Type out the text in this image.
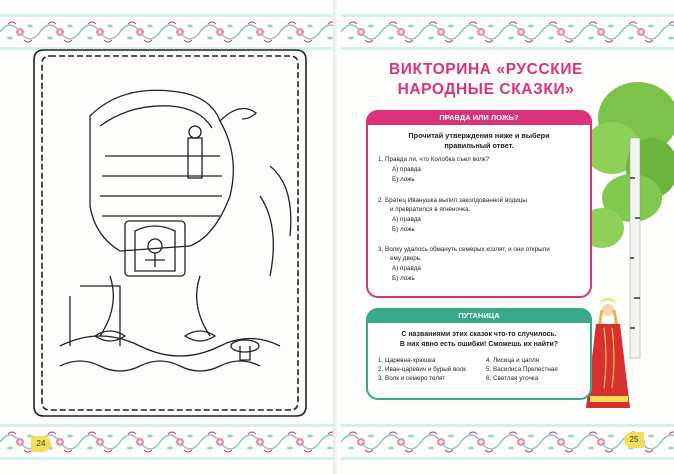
24
ВИКТОРИНА «РУССКИЕ
НАРОДНЫЕ СКАЗКИ»
ПРАВДА ИЛИ ЛОЖЬ?
Прочитай утверждения ниже и выбери
правильный ответ.
1. Правда ли, что Колобка съел волк?
А) правда
Б) ложь
2. Братец Иванушка выпил заколдованной водицы
и превратился в ягнёночка.
А) правда
Б) ложь
3. Волку удалось обмануть семерых козлят, и они открыли
ему дверь.
А) правда
Б) ложь
ПУТАНИЦА
С названиями этих сказок что-то случилось.
В них явно есть ошибки! Сможешь их найти?
1. Царевна-хрюшка
2. Иван-царевич и бурый волк
3. Волк и семеро телят
4. Лисица и цапля
5. Василиса Препестная
6. Светлая уточка
25
